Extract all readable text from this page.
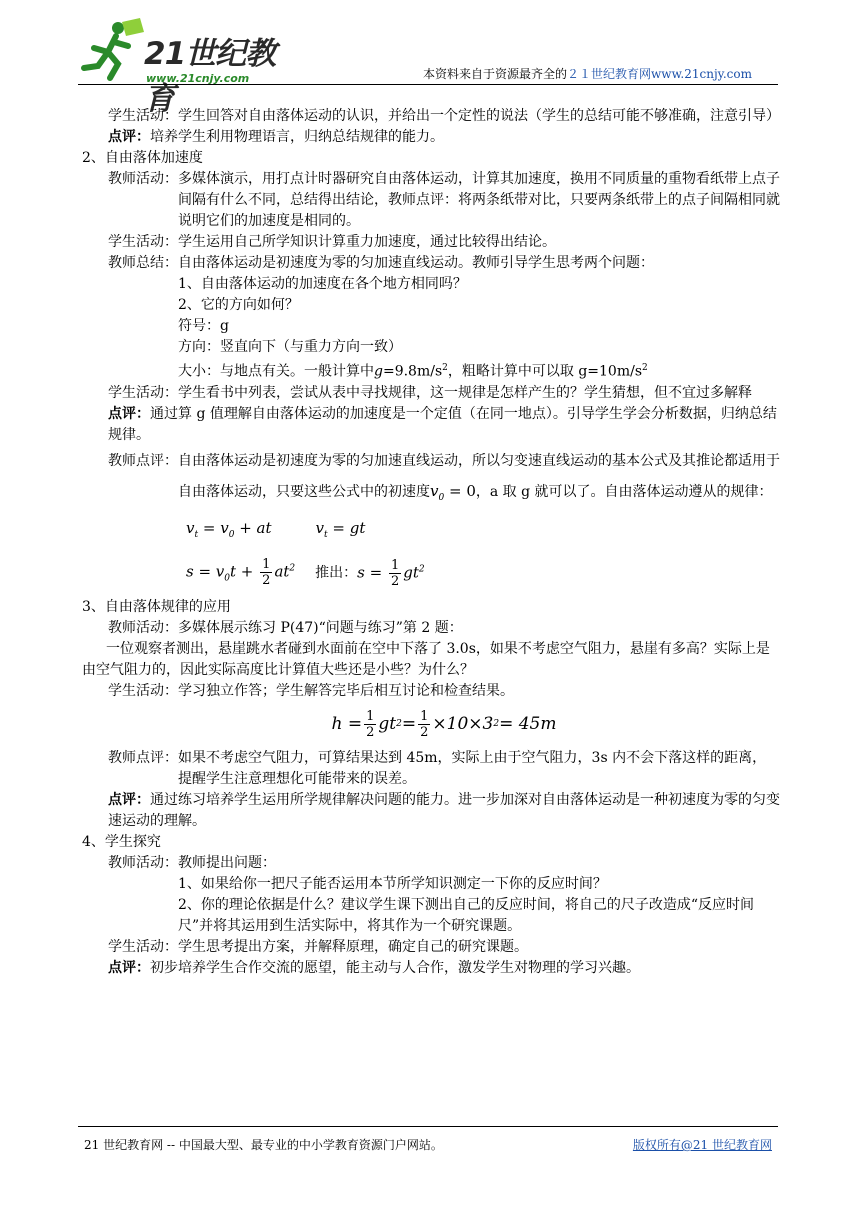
21世纪教育
www.21cnjy.com	本资料来自于资源最齐全的２１世纪教育网www.21cnjy.com
学生活动： 学生回答对自由落体运动的认识，并给出一个定性的说法（学生的总结可能不够准确，注意引导）
点评：培养学生利用物理语言，归纳总结规律的能力。
2、自由落体加速度
教师活动： 多媒体演示，用打点计时器研究自由落体运动，计算其加速度，换用不同质量的重物看纸带上点子间隔有什么不同，总结得出结论，教师点评：将两条纸带对比，只要两条纸带上的点子间隔相同就说明它们的加速度是相同的。
学生活动： 学生运用自己所学知识计算重力加速度，通过比较得出结论。
教师总结： 自由落体运动是初速度为零的匀加速直线运动。教师引导学生思考两个问题：
1、自由落体运动的加速度在各个地方相同吗？
2、它的方向如何？
符号：g
方向：竖直向下（与重力方向一致）
大小：与地点有关。一般计算中$g=9.8m/s^2$，粗略计算中可以取 $g=10m/s^2$
学生活动： 学生看书中列表，尝试从表中寻找规律，这一规律是怎样产生的？学生猜想，但不宜过多解释
点评：通过算 g 值理解自由落体运动的加速度是一个定值（在同一地点）。引导学生学会分析数据，归纳总结规律。
教师点评： 自由落体运动是初速度为零的匀加速直线运动，所以匀变速直线运动的基本公式及其推论都适用于自由落体运动，只要这些公式中的初速度$v_0 = 0$，a 取 g 就可以了。自由落体运动遵从的规律：
$v_t = v_0$ + at	$v_t$ = gt
$s = v_0t + \frac{1}{2} at^2$ 推出： $s = \frac{1}{2} gt^2$
3、自由落体规律的应用
教师活动： 多媒体展示练习 P(47)“问题与练习”第 2 题：
一位观察者测出，悬崖跳水者碰到水面前在空中下落了 3.0s，如果不考虑空气阻力，悬崖有多高？实际上是由空气阻力的，因此实际高度比计算值大些还是小些？为什么？
学生活动： 学习独立作答；学生解答完毕后相互讨论和检查结果。
$h = \frac{1}{2}$ gt $2 = \frac{1}{2} \times 10\times 3$ 2 = 45m
教师点评： 如果不考虑空气阻力，可算结果达到 45m，实际上由于空气阻力，3s 内不会下落这样的距离，提醒学生注意理想化可能带来的误差。
点评：通过练习培养学生运用所学规律解决问题的能力。进一步加深对自由落体运动是一种初速度为零的匀变速运动的理解。
4、学生探究
教师活动： 教师提出问题：
1、如果给你一把尺子能否运用本节所学知识测定一下你的反应时间？
2、你的理论依据是什么？建议学生课下测出自己的反应时间，将自己的尺子改造成“反应时间尺”并将其运用到生活实际中，将其作为一个研究课题。
学生活动： 学生思考提出方案，并解释原理，确定自己的研究课题。
点评：初步培养学生合作交流的愿望，能主动与人合作，激发学生对物理的学习兴趣。
21 世纪教育网 -- 中国最大型、最专业的中小学教育资源门户网站。	版权所有@21 世纪教育网
